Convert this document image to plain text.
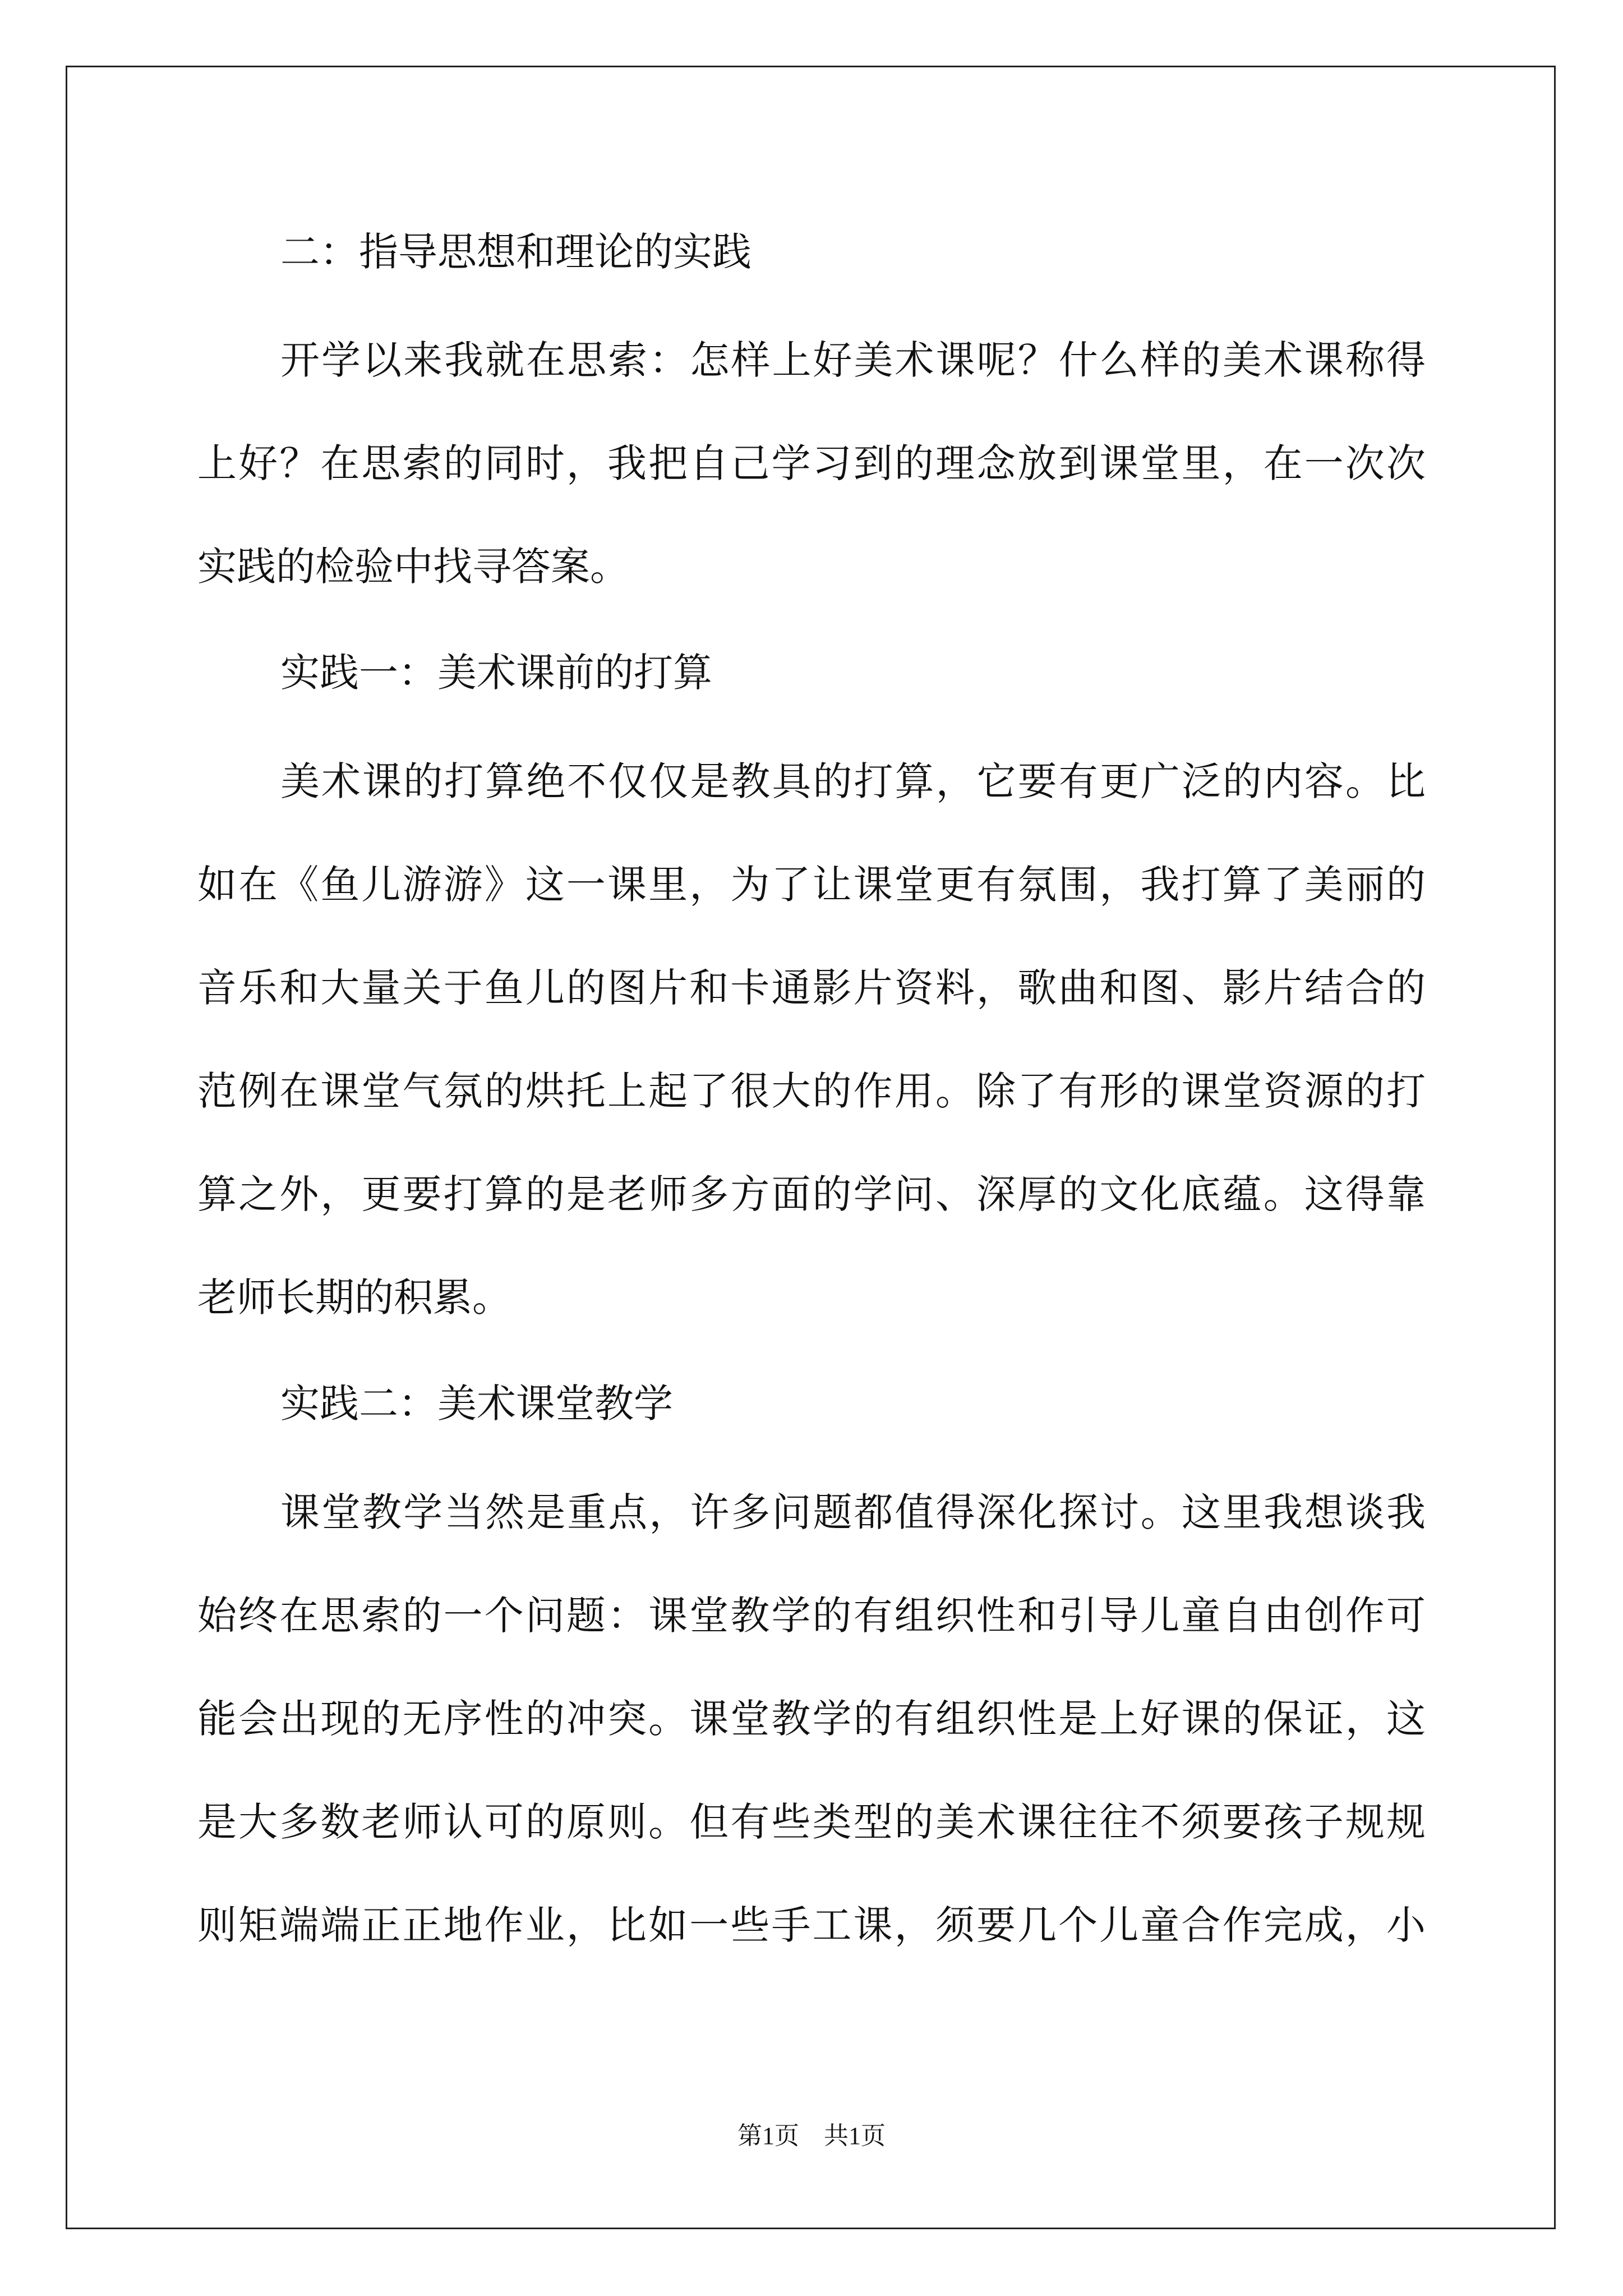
二：指导思想和理论的实践
开学以来我就在思索：怎样上好美术课呢？什么样的美术课称得
上好？在思索的同时，我把自己学习到的理念放到课堂里，在一次次
实践的检验中找寻答案。
实践一：美术课前的打算
美术课的打算绝不仅仅是教具的打算，它要有更广泛的内容。比
如在《鱼儿游游》这一课里，为了让课堂更有氛围，我打算了美丽的
音乐和大量关于鱼儿的图片和卡通影片资料，歌曲和图、影片结合的
范例在课堂气氛的烘托上起了很大的作用。除了有形的课堂资源的打
算之外，更要打算的是老师多方面的学问、深厚的文化底蕴。这得靠
老师长期的积累。
实践二：美术课堂教学
课堂教学当然是重点，许多问题都值得深化探讨。这里我想谈我
始终在思索的一个问题：课堂教学的有组织性和引导儿童自由创作可
能会出现的无序性的冲突。课堂教学的有组织性是上好课的保证，这
是大多数老师认可的原则。但有些类型的美术课往往不须要孩子规规
则矩端端正正地作业，比如一些手工课，须要几个儿童合作完成，小
第1页　共1页
